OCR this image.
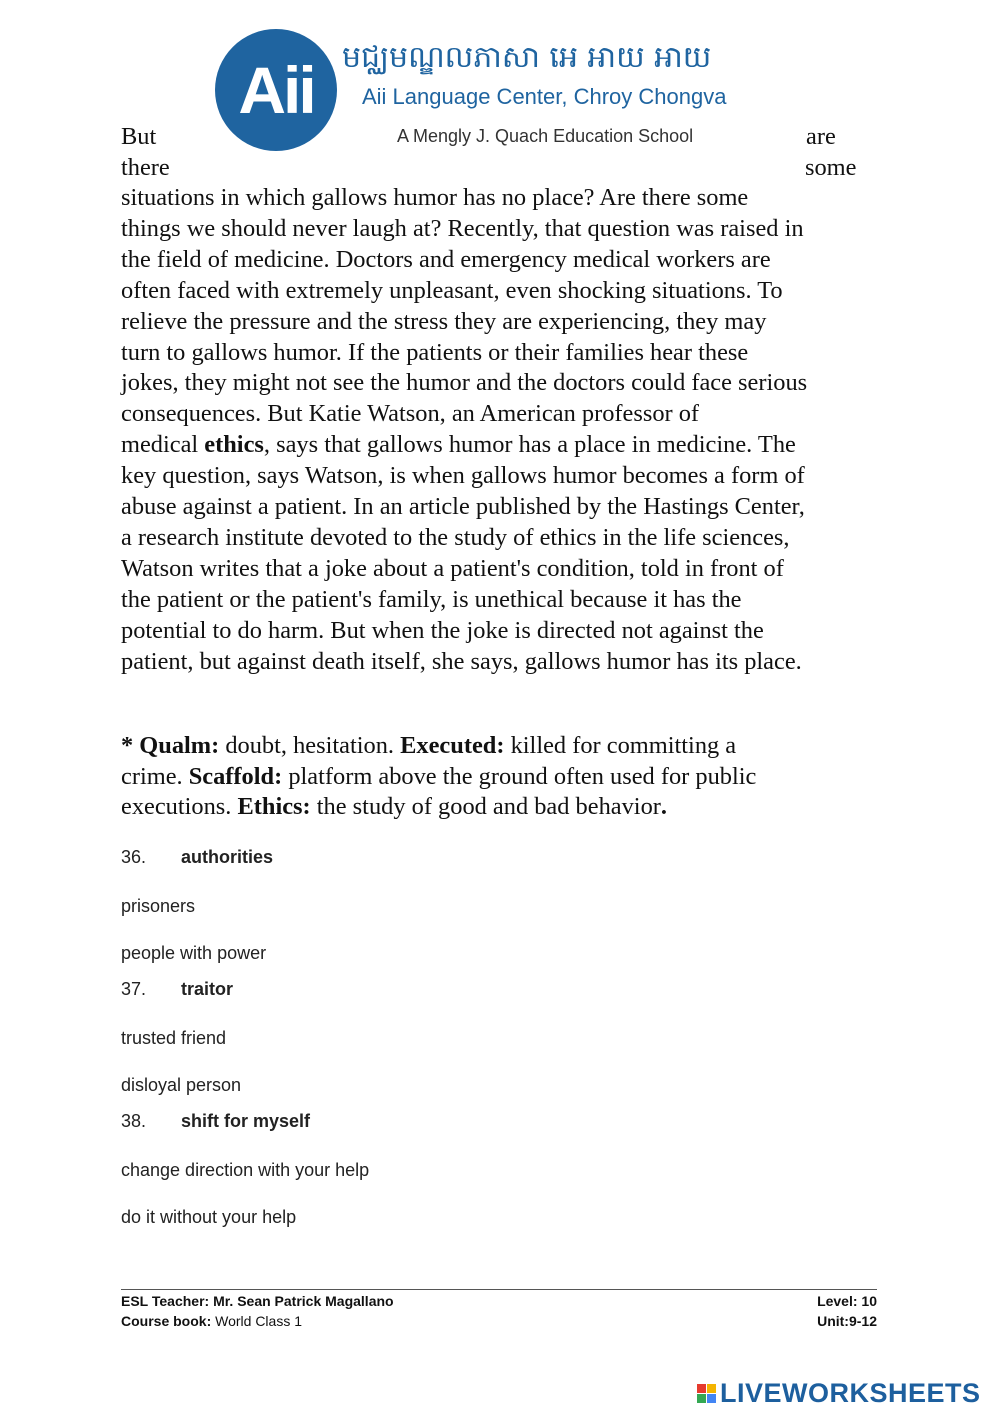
Aii មជ្ឈមណ្ឌលភាសា អេ អាយ អាយ
Aii Language Center, Chroy Chongva
A Mengly J. Quach Education School
But	are
there	some
situations in which gallows humor has no place? Are there some
things we should never laugh at? Recently, that question was raised in
the field of medicine. Doctors and emergency medical workers are
often faced with extremely unpleasant, even shocking situations. To
relieve the pressure and the stress they are experiencing, they may
turn to gallows humor. If the patients or their families hear these
jokes, they might not see the humor and the doctors could face serious
consequences. But Katie Watson, an American professor of
medical ethics, says that gallows humor has a place in medicine. The
key question, says Watson, is when gallows humor becomes a form of
abuse against a patient. In an article published by the Hastings Center,
a research institute devoted to the study of ethics in the life sciences,
Watson writes that a joke about a patient's condition, told in front of
the patient or the patient's family, is unethical because it has the
potential to do harm. But when the joke is directed not against the
patient, but against death itself, she says, gallows humor has its place.
* Qualm: doubt, hesitation. Executed: killed for committing a
crime. Scaffold: platform above the ground often used for public
executions. Ethics: the study of good and bad behavior.
36. authorities
prisoners
people with power
37. traitor
trusted friend
disloyal person
38. shift for myself
change direction with your help
do it without your help
ESL Teacher: Mr. Sean Patrick Magallano
Course book: World Class 1
Level: 10
Unit:9-12
LIVEWORKSHEETS
